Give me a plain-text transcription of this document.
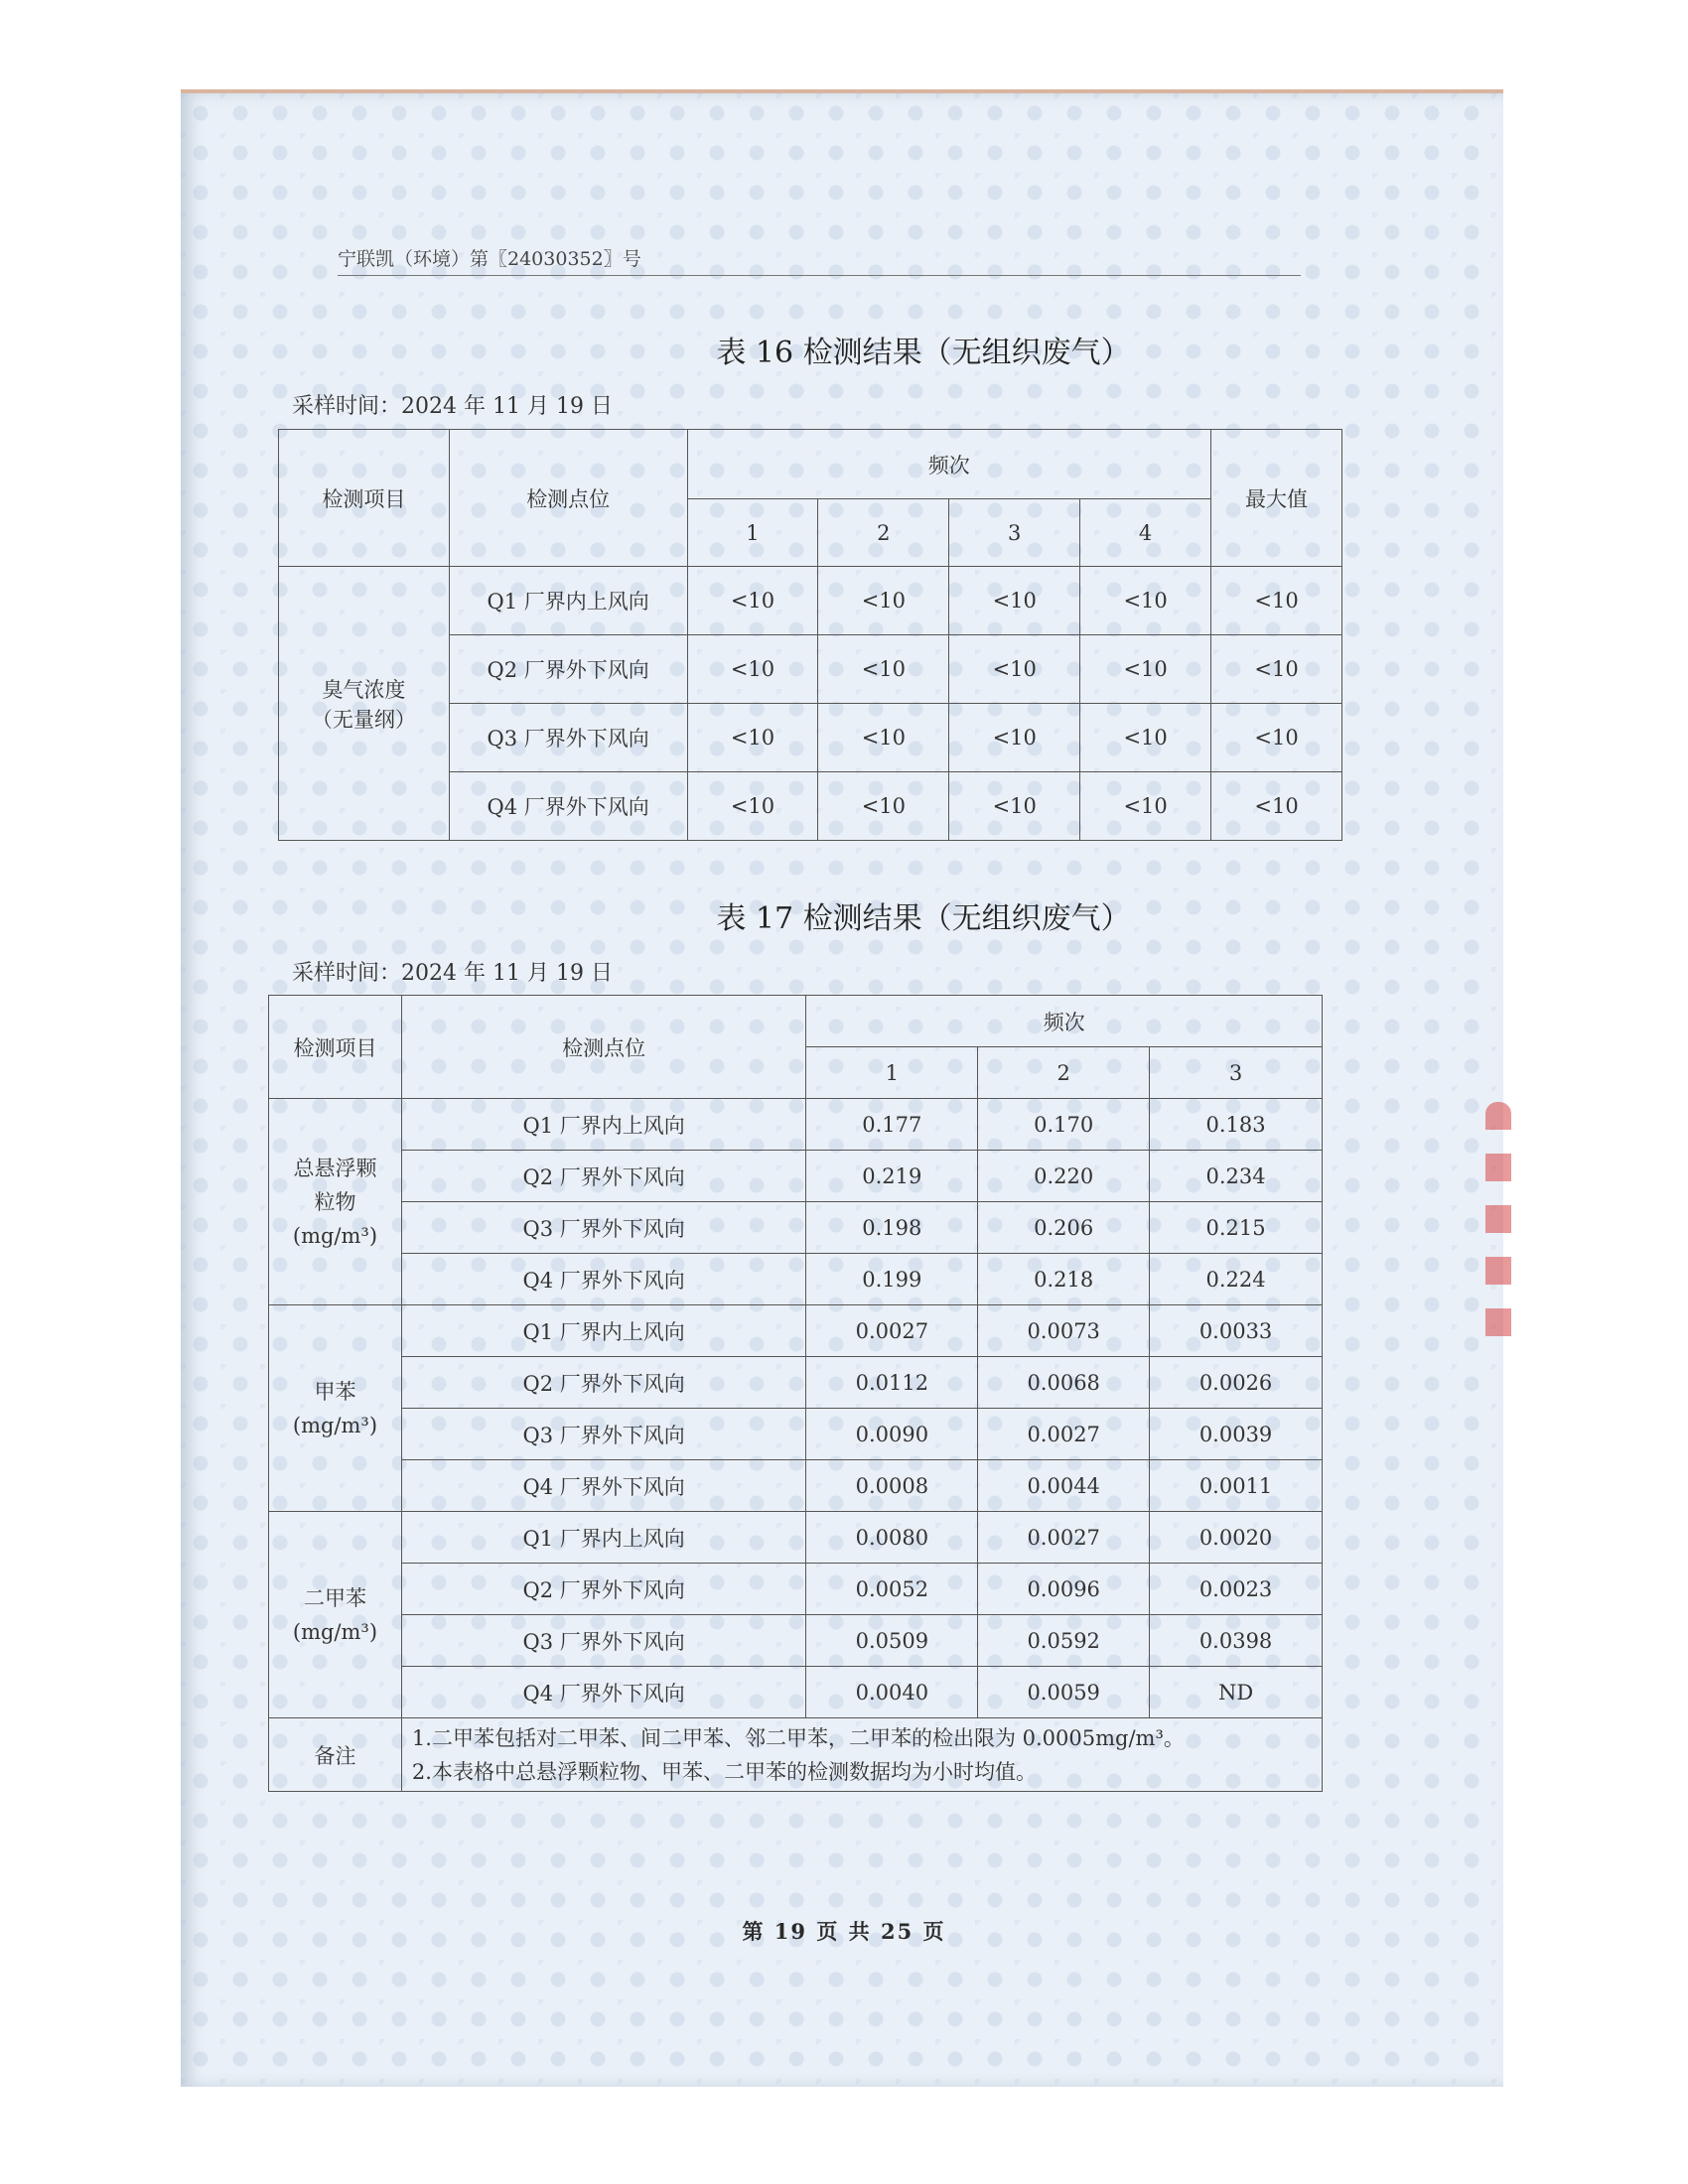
宁联凯（环境）第〖24030352〗号
表 16 检测结果（无组织废气）
采样时间：2024 年 11 月 19 日
检测项目	检测点位	频次				最大值
		1	2	3	4	

臭气浓度
（无量纲）	Q1 厂界内上风向	<10	<10	<10	<10	<10
	Q2 厂界外下风向	<10	<10	<10	<10	<10
	Q3 厂界外下风向	<10	<10	<10	<10	<10
	Q4 厂界外下风向	<10	<10	<10	<10	<10
表 17 检测结果（无组织废气）
采样时间：2024 年 11 月 19 日
检测项目	检测点位	频次		
		1	2	3

总悬浮颗
粒物
(mg/m³)	Q1 厂界内上风向	0.177	0.170	0.183
	Q2 厂界外下风向	0.219	0.220	0.234
	Q3 厂界外下风向	0.198	0.206	0.215
	Q4 厂界外下风向	0.199	0.218	0.224

甲苯
(mg/m³)	Q1 厂界内上风向	0.0027	0.0073	0.0033
	Q2 厂界外下风向	0.0112	0.0068	0.0026
	Q3 厂界外下风向	0.0090	0.0027	0.0039
	Q4 厂界外下风向	0.0008	0.0044	0.0011

二甲苯
(mg/m³)	Q1 厂界内上风向	0.0080	0.0027	0.0020
	Q2 厂界外下风向	0.0052	0.0096	0.0023
	Q3 厂界外下风向	0.0509	0.0592	0.0398
	Q4 厂界外下风向	0.0040	0.0059	ND
备注	1.二甲苯包括对二甲苯、间二甲苯、邻二甲苯，二甲苯的检出限为 0.0005mg/m³。
2.本表格中总悬浮颗粒物、甲苯、二甲苯的检测数据均为小时均值。			
第 19 页 共 25 页
